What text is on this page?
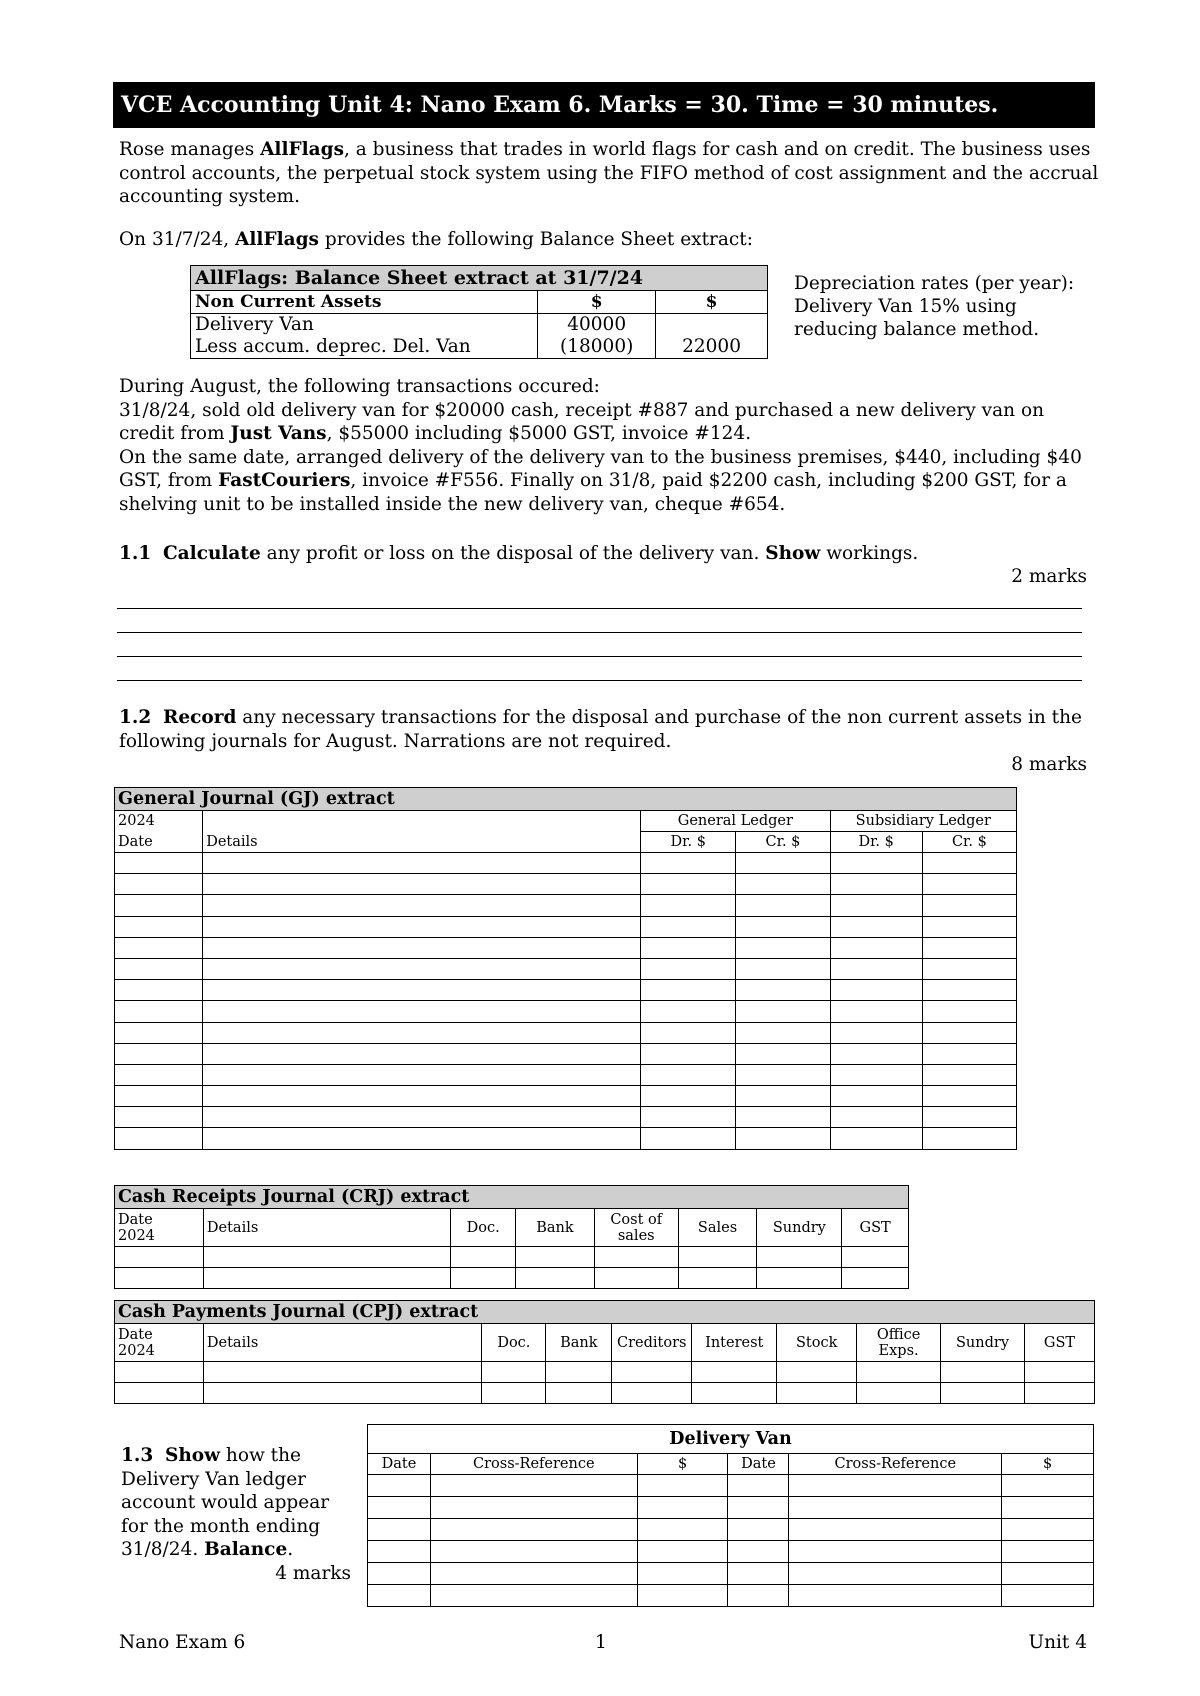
VCE Accounting Unit 4: Nano Exam 6. Marks = 30. Time = 30 minutes.

Rose manages AllFlags, a business that trades in world flags for cash and on credit. The business uses control accounts, the perpetual stock system using the FIFO method of cost assignment and the accrual accounting system.

On 31/7/24, AllFlags provides the following Balance Sheet extract:

AllFlags: Balance Sheet extract at 31/7/24		
Non Current Assets	$	$
Delivery Van	40000	
Less accum. deprec. Del. Van	(18000)	22000
Depreciation rates (per year): Delivery Van 15% using reducing balance method.

During August, the following transactions occured:

31/8/24, sold old delivery van for $20000 cash, receipt #887 and purchased a new delivery van on credit from Just Vans, $55000 including $5000 GST, invoice #124.

On the same date, arranged delivery of the delivery van to the business premises, $440, including $40 GST, from FastCouriers, invoice #F556. Finally on 31/8, paid $2200 cash, including $200 GST, for a shelving unit to be installed inside the new delivery van, cheque #654.

1.1 Calculate any profit or loss on the disposal of the delivery van. Show workings.

2 marks

1.2 Record any necessary transactions for the disposal and purchase of the non current assets in the following journals for August. Narrations are not required.

8 marks
General Journal (GJ) extract					
2024		General Ledger		Subsidiary Ledger	
Date	Details	Dr. $	Cr. $	Dr. $	Cr. $

Cash Receipts Journal (CRJ) extract							
Date
2024	Details	Doc.	Bank	Cost of sales	Sales	Sundry	GST

Cash Payments Journal (CPJ) extract									
Date
2024	Details	Doc.	Bank	Creditors	Interest	Stock	Office Exps.	Sundry	GST

1.3 Show how the Delivery Van ledger account would appear for the month ending 31/8/24. Balance.
4 marks
Delivery Van					
Date	Cross-Reference	$	Date	Cross-Reference	$

Nano Exam 6	1	Unit 4
